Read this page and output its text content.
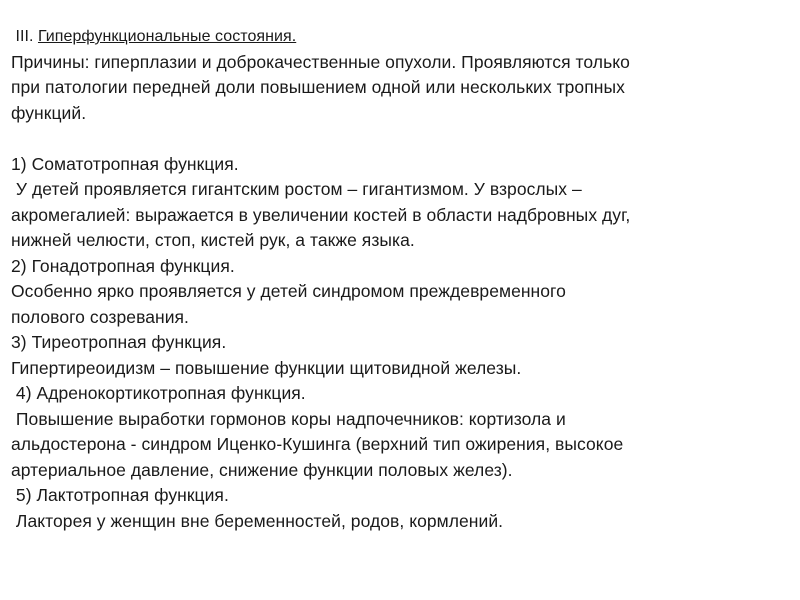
III. Гиперфункциональные состояния.
Причины: гиперплазии и доброкачественные опухоли. Проявляются только
при патологии передней доли повышением одной или нескольких тропных
функций.
1) Соматотропная функция.
У детей проявляется гигантским ростом – гигантизмом. У взрослых –
акромегалией: выражается в увеличении костей в области надбровных дуг,
нижней челюсти, стоп, кистей рук, а также языка.
2) Гонадотропная функция.
Особенно ярко проявляется у детей синдромом преждевременного
полового созревания.
3) Тиреотропная функция.
Гипертиреоидизм – повышение функции щитовидной железы.
4) Адренокортикотропная функция.
Повышение выработки гормонов коры надпочечников: кортизола и
альдостерона - синдром Иценко-Кушинга (верхний тип ожирения, высокое
артериальное давление, снижение функции половых желез).
5) Лактотропная функция.
Лакторея у женщин вне беременностей, родов, кормлений.
